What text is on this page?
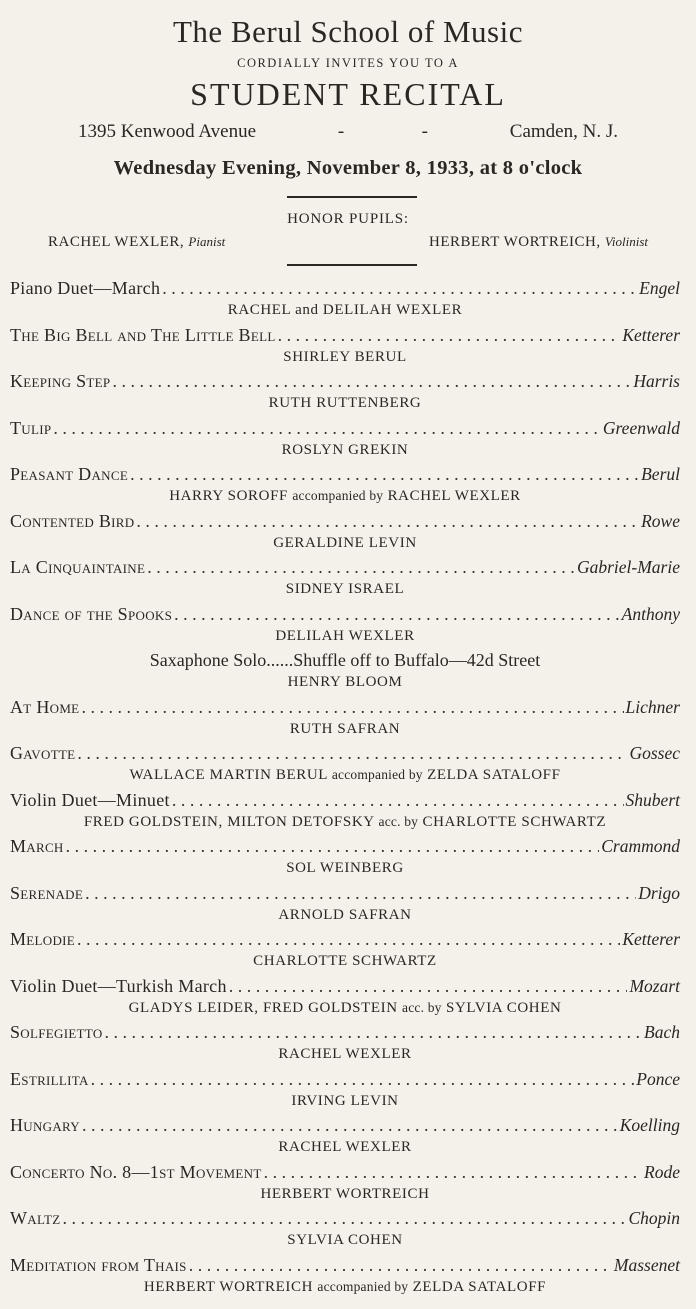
The Berul School of Music
CORDIALLY INVITES YOU TO A
STUDENT RECITAL
1395 Kenwood Avenue	-	-	Camden, N. J.
Wednesday Evening, November 8, 1933, at 8 o'clock
HONOR PUPILS:
RACHEL WEXLER, Pianist	HERBERT WORTREICH, Violinist
Piano Duet—March . . .	Engel
RACHEL and DELILAH WEXLER
The Big Bell and The Little Bell . . .	Ketterer
SHIRLEY BERUL
Keeping Step . . .	Harris
RUTH RUTTENBERG
Tulip . . .	Greenwald
ROSLYN GREKIN
Peasant Dance . . .	Berul
HARRY SOROFF accompanied by RACHEL WEXLER
Contented Bird . . .	Rowe
GERALDINE LEVIN
La Cinquaintaine . . .	Gabriel-Marie
SIDNEY ISRAEL
Dance of the Spooks . . .	Anthony
DELILAH WEXLER
Saxaphone Solo......Shuffle off to Buffalo—42d Street
HENRY BLOOM
At Home . . .	Lichner
RUTH SAFRAN
Gavotte . . .	Gossec
WALLACE MARTIN BERUL accompanied by ZELDA SATALOFF
Violin Duet—Minuet . . .	Shubert
FRED GOLDSTEIN, MILTON DETOFSKY acc. by CHARLOTTE SCHWARTZ
March . . .	Crammond
SOL WEINBERG
Serenade . . .	Drigo
ARNOLD SAFRAN
Melodie . . .	Ketterer
CHARLOTTE SCHWARTZ
Violin Duet—Turkish March . . .	Mozart
GLADYS LEIDER, FRED GOLDSTEIN acc. by SYLVIA COHEN
Solfegietto . . .	Bach
RACHEL WEXLER
Estrillita . . .	Ponce
IRVING LEVIN
Hungary . . .	Koelling
RACHEL WEXLER
Concerto No. 8—1st Movement . . .	Rode
HERBERT WORTREICH
Waltz . . .	Chopin
SYLVIA COHEN
Meditation from Thais . . .	Massenet
HERBERT WORTREICH accompanied by ZELDA SATALOFF
